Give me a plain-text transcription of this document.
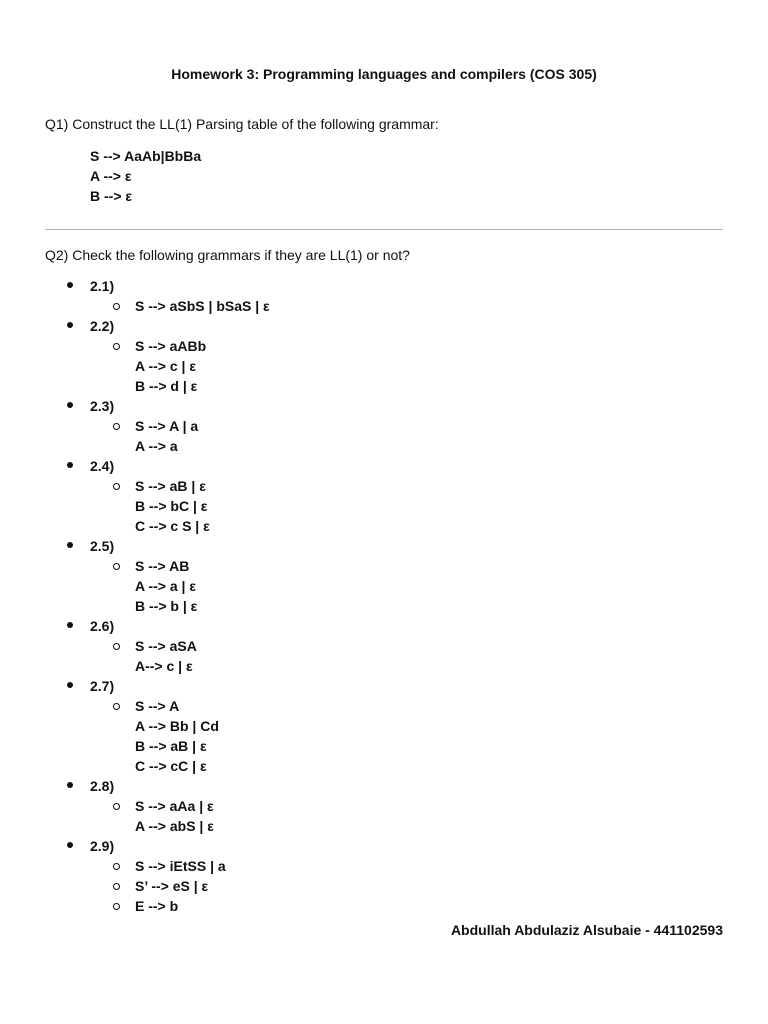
Homework 3: Programming languages and compilers (COS 305)
Q1) Construct the LL(1) Parsing table of the following grammar:
S --> AaAb|BbBa
A --> ε
B --> ε
Q2) Check the following grammars if they are LL(1) or not?
2.1)
S --> aSbS | bSaS | ε
2.2)
S --> aABb
A --> c | ε
B --> d | ε
2.3)
S --> A | a
A --> a
2.4)
S --> aB | ε
B --> bC | ε
C --> c S | ε
2.5)
S --> AB
A --> a | ε
B --> b | ε
2.6)
S --> aSA
A--> c | ε
2.7)
S --> A
A --> Bb | Cd
B --> aB | ε
C --> cC | ε
2.8)
S --> aAa | ε
A --> abS | ε
2.9)
S --> iEtSS | a
S’ --> eS | ε
E --> b
Abdullah Abdulaziz Alsubaie - 441102593
